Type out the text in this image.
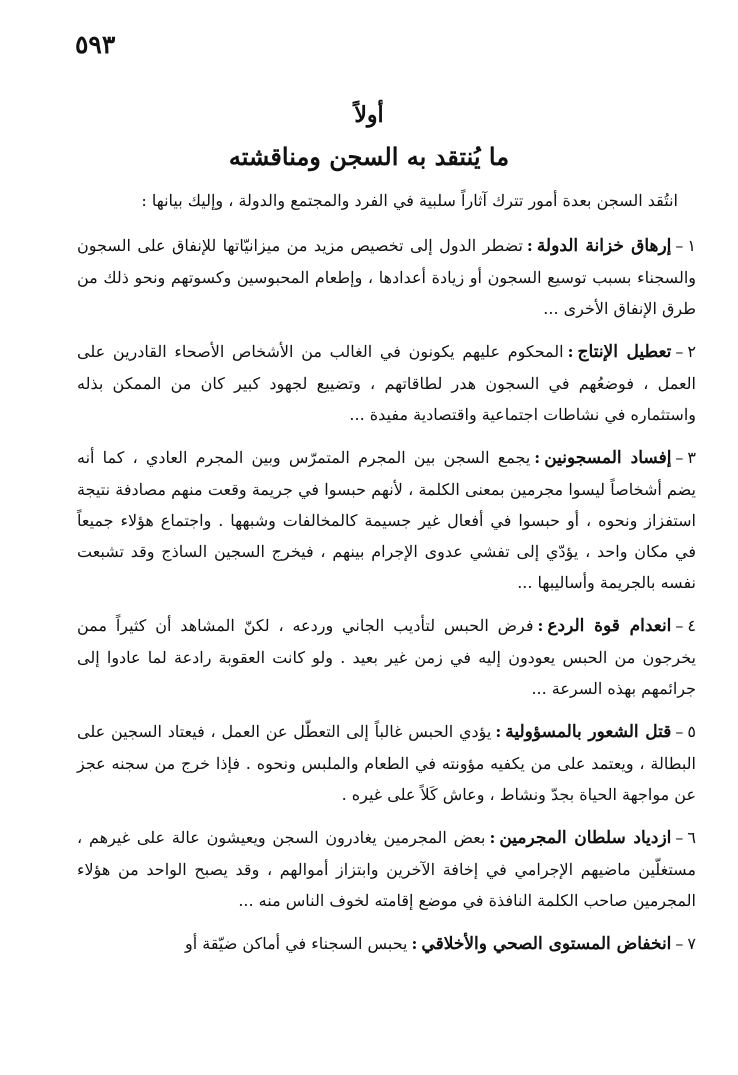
٥٩٣
أولاً
ما يُنتقد به السجن ومناقشته

انتُقد السجن بعدة أمور تترك آثاراً سلبية في الفرد والمجتمع والدولة ، وإليك بيانها :

١–إرهاق خزانة الدولة:تضطر الدول إلى تخصيص مزيد من ميزانيّاتها للإنفاق على السجون والسجناء بسبب توسيع السجون أو زيادة أعدادها ، وإطعام المحبوسين وكسوتهم ونحو ذلك من طرق الإنفاق الأخرى ...

٢–تعطيل الإنتاج:المحكوم عليهم يكونون في الغالب من الأشخاص الأصحاء القادرين على العمل ، فوضعُهم في السجون هدر لطاقاتهم ، وتضييع لجهود كبير كان من الممكن بذله واستثماره في نشاطات اجتماعية واقتصادية مفيدة ...

٣–إفساد المسجونين:يجمع السجن بين المجرم المتمرّس وبين المجرم العادي ، كما أنه يضم أشخاصاً ليسوا مجرمين بمعنى الكلمة ، لأنهم حبسوا في جريمة وقعت منهم مصادفة نتيجة استفزاز ونحوه ، أو حبسوا في أفعال غير جسيمة كالمخالفات وشبهها . واجتماع هؤلاء جميعاً في مكان واحد ، يؤدّي إلى تفشي عدوى الإجرام بينهم ، فيخرج السجين الساذج وقد تشبعت نفسه بالجريمة وأساليبها ...

٤–انعدام قوة الردع:فرض الحبس لتأديب الجاني وردعه ، لكنّ المشاهد أن كثيراً ممن يخرجون من الحبس يعودون إليه في زمن غير بعيد . ولو كانت العقوبة رادعة لما عادوا إلى جرائمهم بهذه السرعة ...

٥–قتل الشعور بالمسؤولية:يؤدي الحبس غالباً إلى التعطّل عن العمل ، فيعتاد السجين على البطالة ، ويعتمد على من يكفيه مؤونته في الطعام والملبس ونحوه . فإذا خرج من سجنه عجز عن مواجهة الحياة بجدّ ونشاط ، وعاش كَلاً على غيره .

٦–ازدياد سلطان المجرمين:بعض المجرمين يغادرون السجن ويعيشون عالة على غيرهم ، مستغلّين ماضيهم الإجرامي في إخافة الآخرين وابتزاز أموالهم ، وقد يصبح الواحد من هؤلاء المجرمين صاحب الكلمة النافذة في موضع إقامته لخوف الناس منه ...

٧–انخفاض المستوى الصحي والأخلاقي:يحبس السجناء في أماكن ضيّقة أو
